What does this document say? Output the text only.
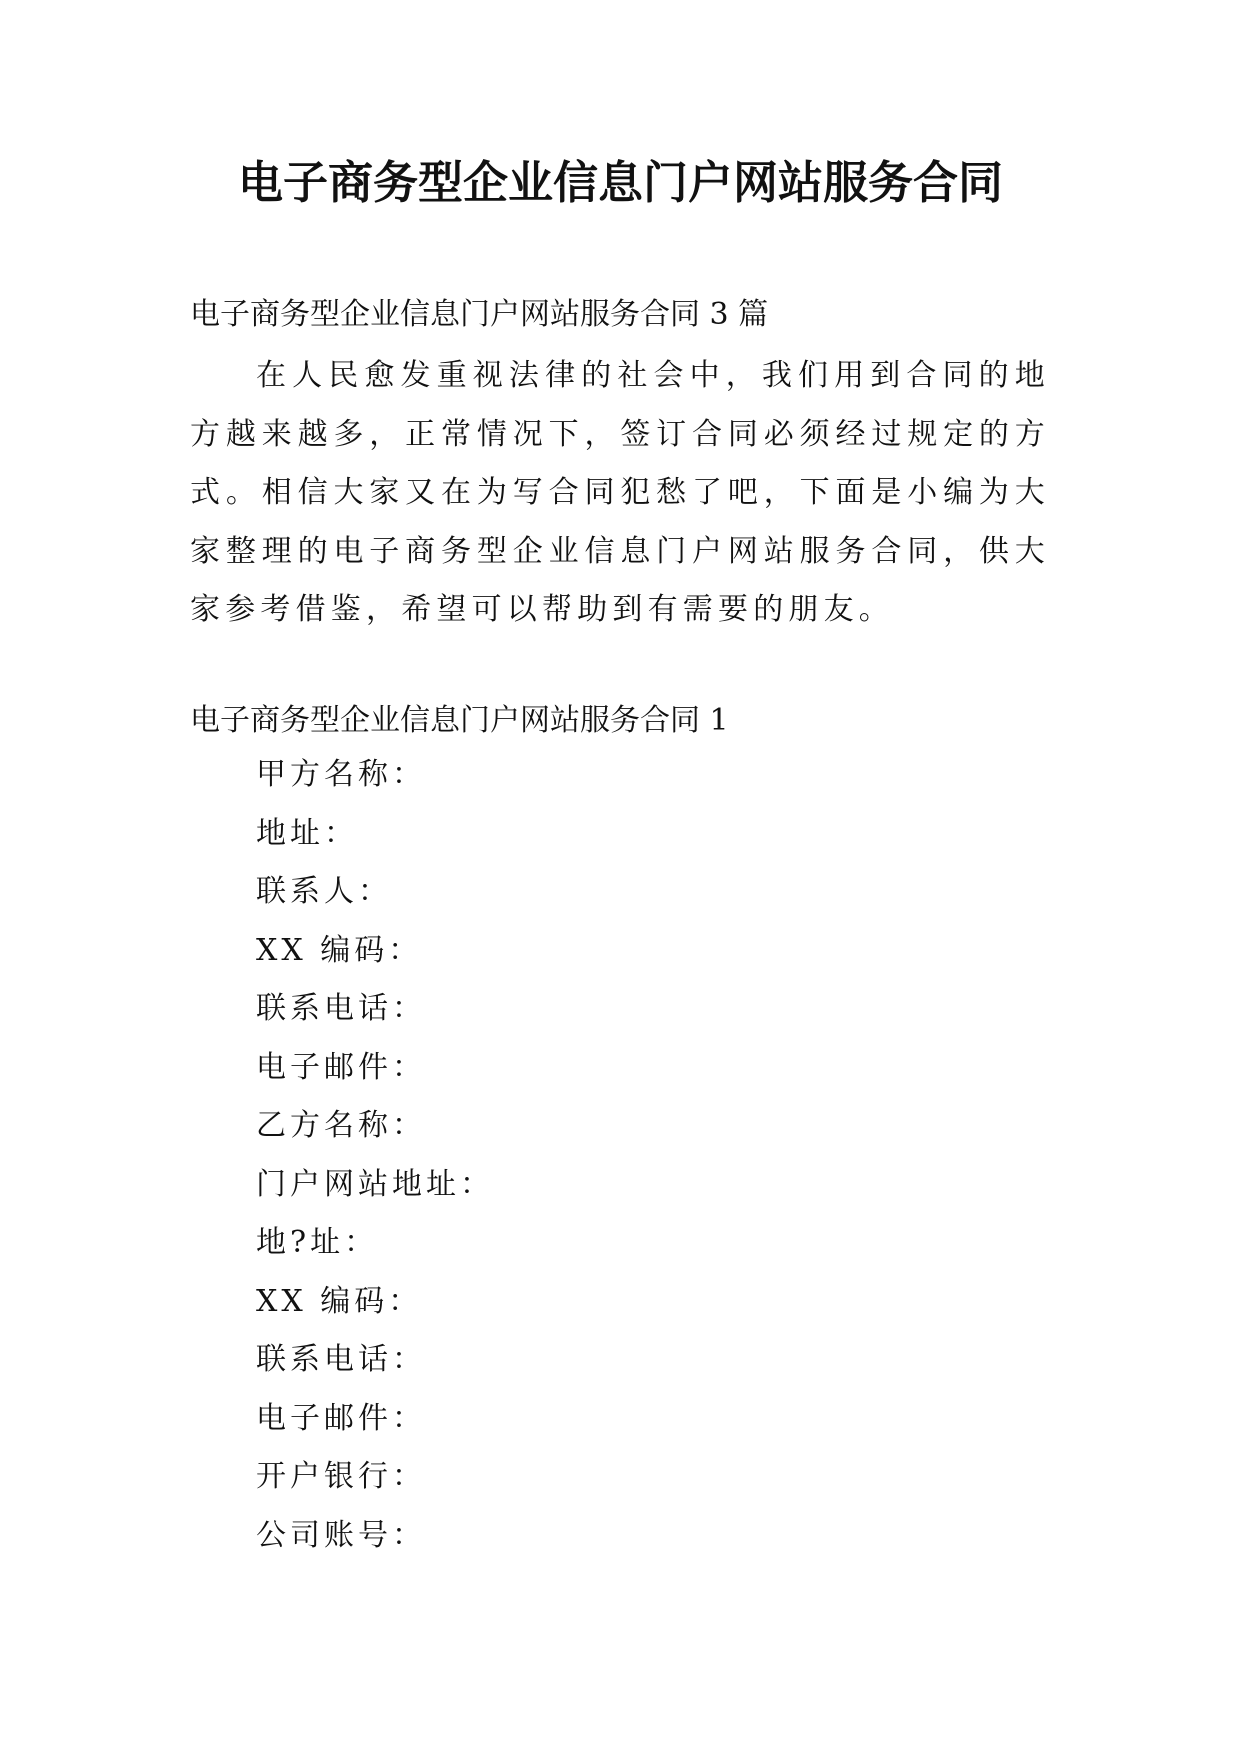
电子商务型企业信息门户网站服务合同
电子商务型企业信息门户网站服务合同 3 篇

在人民愈发重视法律的社会中，我们用到合同的地方越来越多，正常情况下，签订合同必须经过规定的方式。相信大家又在为写合同犯愁了吧，下面是小编为大家整理的电子商务型企业信息门户网站服务合同，供大家参考借鉴，希望可以帮助到有需要的朋友。

电子商务型企业信息门户网站服务合同 1
甲方名称：
地址：
联系人：
XX 编码：
联系电话：
电子邮件：
乙方名称：
门户网站地址：
地?址：
XX 编码：
联系电话：
电子邮件：
开户银行：
公司账号：
